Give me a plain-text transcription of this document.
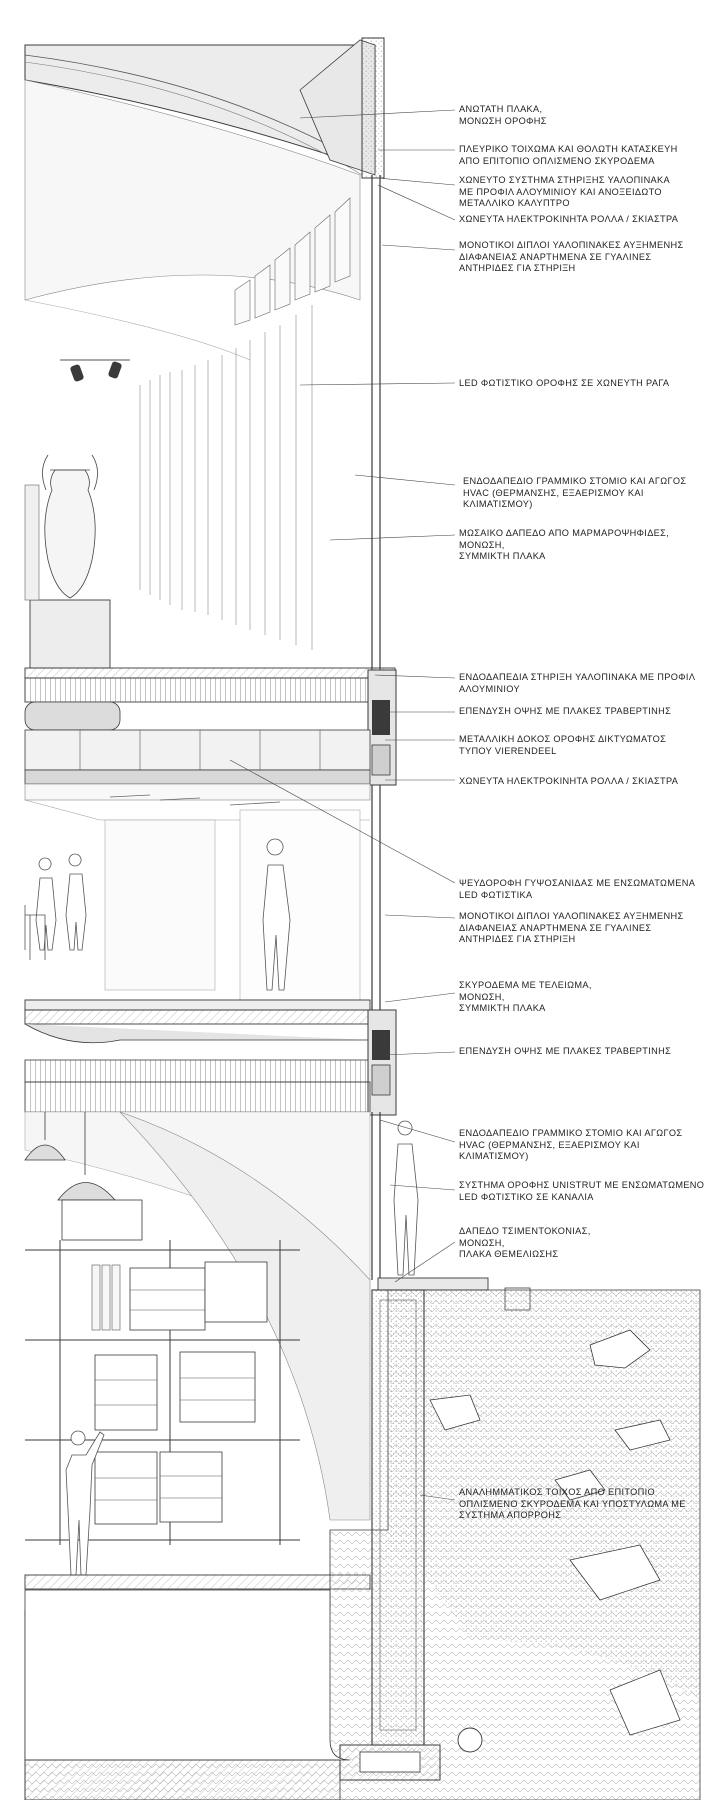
ΑΝΩΤΑΤΗ ΠΛΑΚΑ,
ΜΟΝΩΣΗ ΟΡΟΦΗΣ
ΠΛΕΥΡΙΚΟ ΤΟΙΧΩΜΑ ΚΑΙ ΘΟΛΩΤΗ ΚΑΤΑΣΚΕΥΗ
ΑΠΟ ΕΠΙΤΟΠΙΟ ΟΠΛΙΣΜΕΝΟ ΣΚΥΡΟΔΕΜΑ
ΧΩΝΕΥΤΟ ΣΥΣΤΗΜΑ ΣΤΗΡΙΞΗΣ ΥΑΛΟΠΙΝΑΚΑ
ΜΕ ΠΡΟΦΙΛ ΑΛΟΥΜΙΝΙΟΥ ΚΑΙ ΑΝΟΞΕΙΔΩΤΟ
ΜΕΤΑΛΛΙΚΟ ΚΑΛΥΠΤΡΟ
ΧΩΝΕΥΤΑ ΗΛΕΚΤΡΟΚΙΝΗΤΑ ΡΟΛΛΑ / ΣΚΙΑΣΤΡΑ
ΜΟΝΟΤΙΚΟΙ ΔΙΠΛΟΙ ΥΑΛΟΠΙΝΑΚΕΣ ΑΥΞΗΜΕΝΗΣ
ΔΙΑΦΑΝΕΙΑΣ ΑΝΑΡΤΗΜΕΝΑ ΣΕ ΓΥΑΛΙΝΕΣ
ΑΝΤΗΡΙΔΕΣ ΓΙΑ ΣΤΗΡΙΞΗ
LED ΦΩΤΙΣΤΙΚΟ ΟΡΟΦΗΣ ΣΕ ΧΩΝΕΥΤΗ ΡΑΓΑ
ΕΝΔΟΔΑΠΕΔΙΟ ΓΡΑΜΜΙΚΟ ΣΤΟΜΙΟ ΚΑΙ ΑΓΩΓΟΣ
HVAC (ΘΕΡΜΑΝΣΗΣ, ΕΞΑΕΡΙΣΜΟΥ ΚΑΙ
ΚΛΙΜΑΤΙΣΜΟΥ)
ΜΩΣΑΙΚΟ ΔΑΠΕΔΟ ΑΠΟ ΜΑΡΜΑΡΟΨΗΦΙΔΕΣ,
ΜΟΝΩΣΗ,
ΣΥΜΜΙΚΤΗ ΠΛΑΚΑ
ΕΝΔΟΔΑΠΕΔΙΑ ΣΤΗΡΙΞΗ ΥΑΛΟΠΙΝΑΚΑ ΜΕ ΠΡΟΦΙΛ
ΑΛΟΥΜΙΝΙΟΥ
ΕΠΕΝΔΥΣΗ ΟΨΗΣ ΜΕ ΠΛΑΚΕΣ ΤΡΑΒΕΡΤΙΝΗΣ
ΜΕΤΑΛΛΙΚΗ ΔΟΚΟΣ ΟΡΟΦΗΣ ΔΙΚΤΥΩΜΑΤΟΣ
ΤΥΠΟΥ VIERENDEEL
ΧΩΝΕΥΤΑ ΗΛΕΚΤΡΟΚΙΝΗΤΑ ΡΟΛΛΑ / ΣΚΙΑΣΤΡΑ
ΨΕΥΔΟΡΟΦΗ ΓΥΨΟΣΑΝΙΔΑΣ ΜΕ ΕΝΣΩΜΑΤΩΜΕΝΑ
LED ΦΩΤΙΣΤΙΚΑ
ΜΟΝΟΤΙΚΟΙ ΔΙΠΛΟΙ ΥΑΛΟΠΙΝΑΚΕΣ ΑΥΞΗΜΕΝΗΣ
ΔΙΑΦΑΝΕΙΑΣ ΑΝΑΡΤΗΜΕΝΑ ΣΕ ΓΥΑΛΙΝΕΣ
ΑΝΤΗΡΙΔΕΣ ΓΙΑ ΣΤΗΡΙΞΗ
ΣΚΥΡΟΔΕΜΑ ΜΕ ΤΕΛΕΙΩΜΑ,
ΜΟΝΩΣΗ,
ΣΥΜΜΙΚΤΗ ΠΛΑΚΑ
ΕΠΕΝΔΥΣΗ ΟΨΗΣ ΜΕ ΠΛΑΚΕΣ ΤΡΑΒΕΡΤΙΝΗΣ
ΕΝΔΟΔΑΠΕΔΙΟ ΓΡΑΜΜΙΚΟ ΣΤΟΜΙΟ ΚΑΙ ΑΓΩΓΟΣ
HVAC (ΘΕΡΜΑΝΣΗΣ, ΕΞΑΕΡΙΣΜΟΥ ΚΑΙ
ΚΛΙΜΑΤΙΣΜΟΥ)
ΣΥΣΤΗΜΑ ΟΡΟΦΗΣ UNISTRUT ΜΕ ΕΝΣΩΜΑΤΩΜΕΝΟ
LED ΦΩΤΙΣΤΙΚΟ ΣΕ ΚΑΝΑΛΙΑ
ΔΑΠΕΔΟ ΤΣΙΜΕΝΤΟΚΟΝΙΑΣ,
ΜΟΝΩΣΗ,
ΠΛΑΚΑ ΘΕΜΕΛΙΩΣΗΣ
ΑΝΑΛΗΜΜΑΤΙΚΟΣ ΤΟΙΧΟΣ ΑΠΟ ΕΠΙΤΟΠΙΟ
ΟΠΛΙΣΜΕΝΟ ΣΚΥΡΟΔΕΜΑ ΚΑΙ ΥΠΟΣΤΥΛΩΜΑ ΜΕ
ΣΥΣΤΗΜΑ ΑΠΟΡΡΟΗΣ
